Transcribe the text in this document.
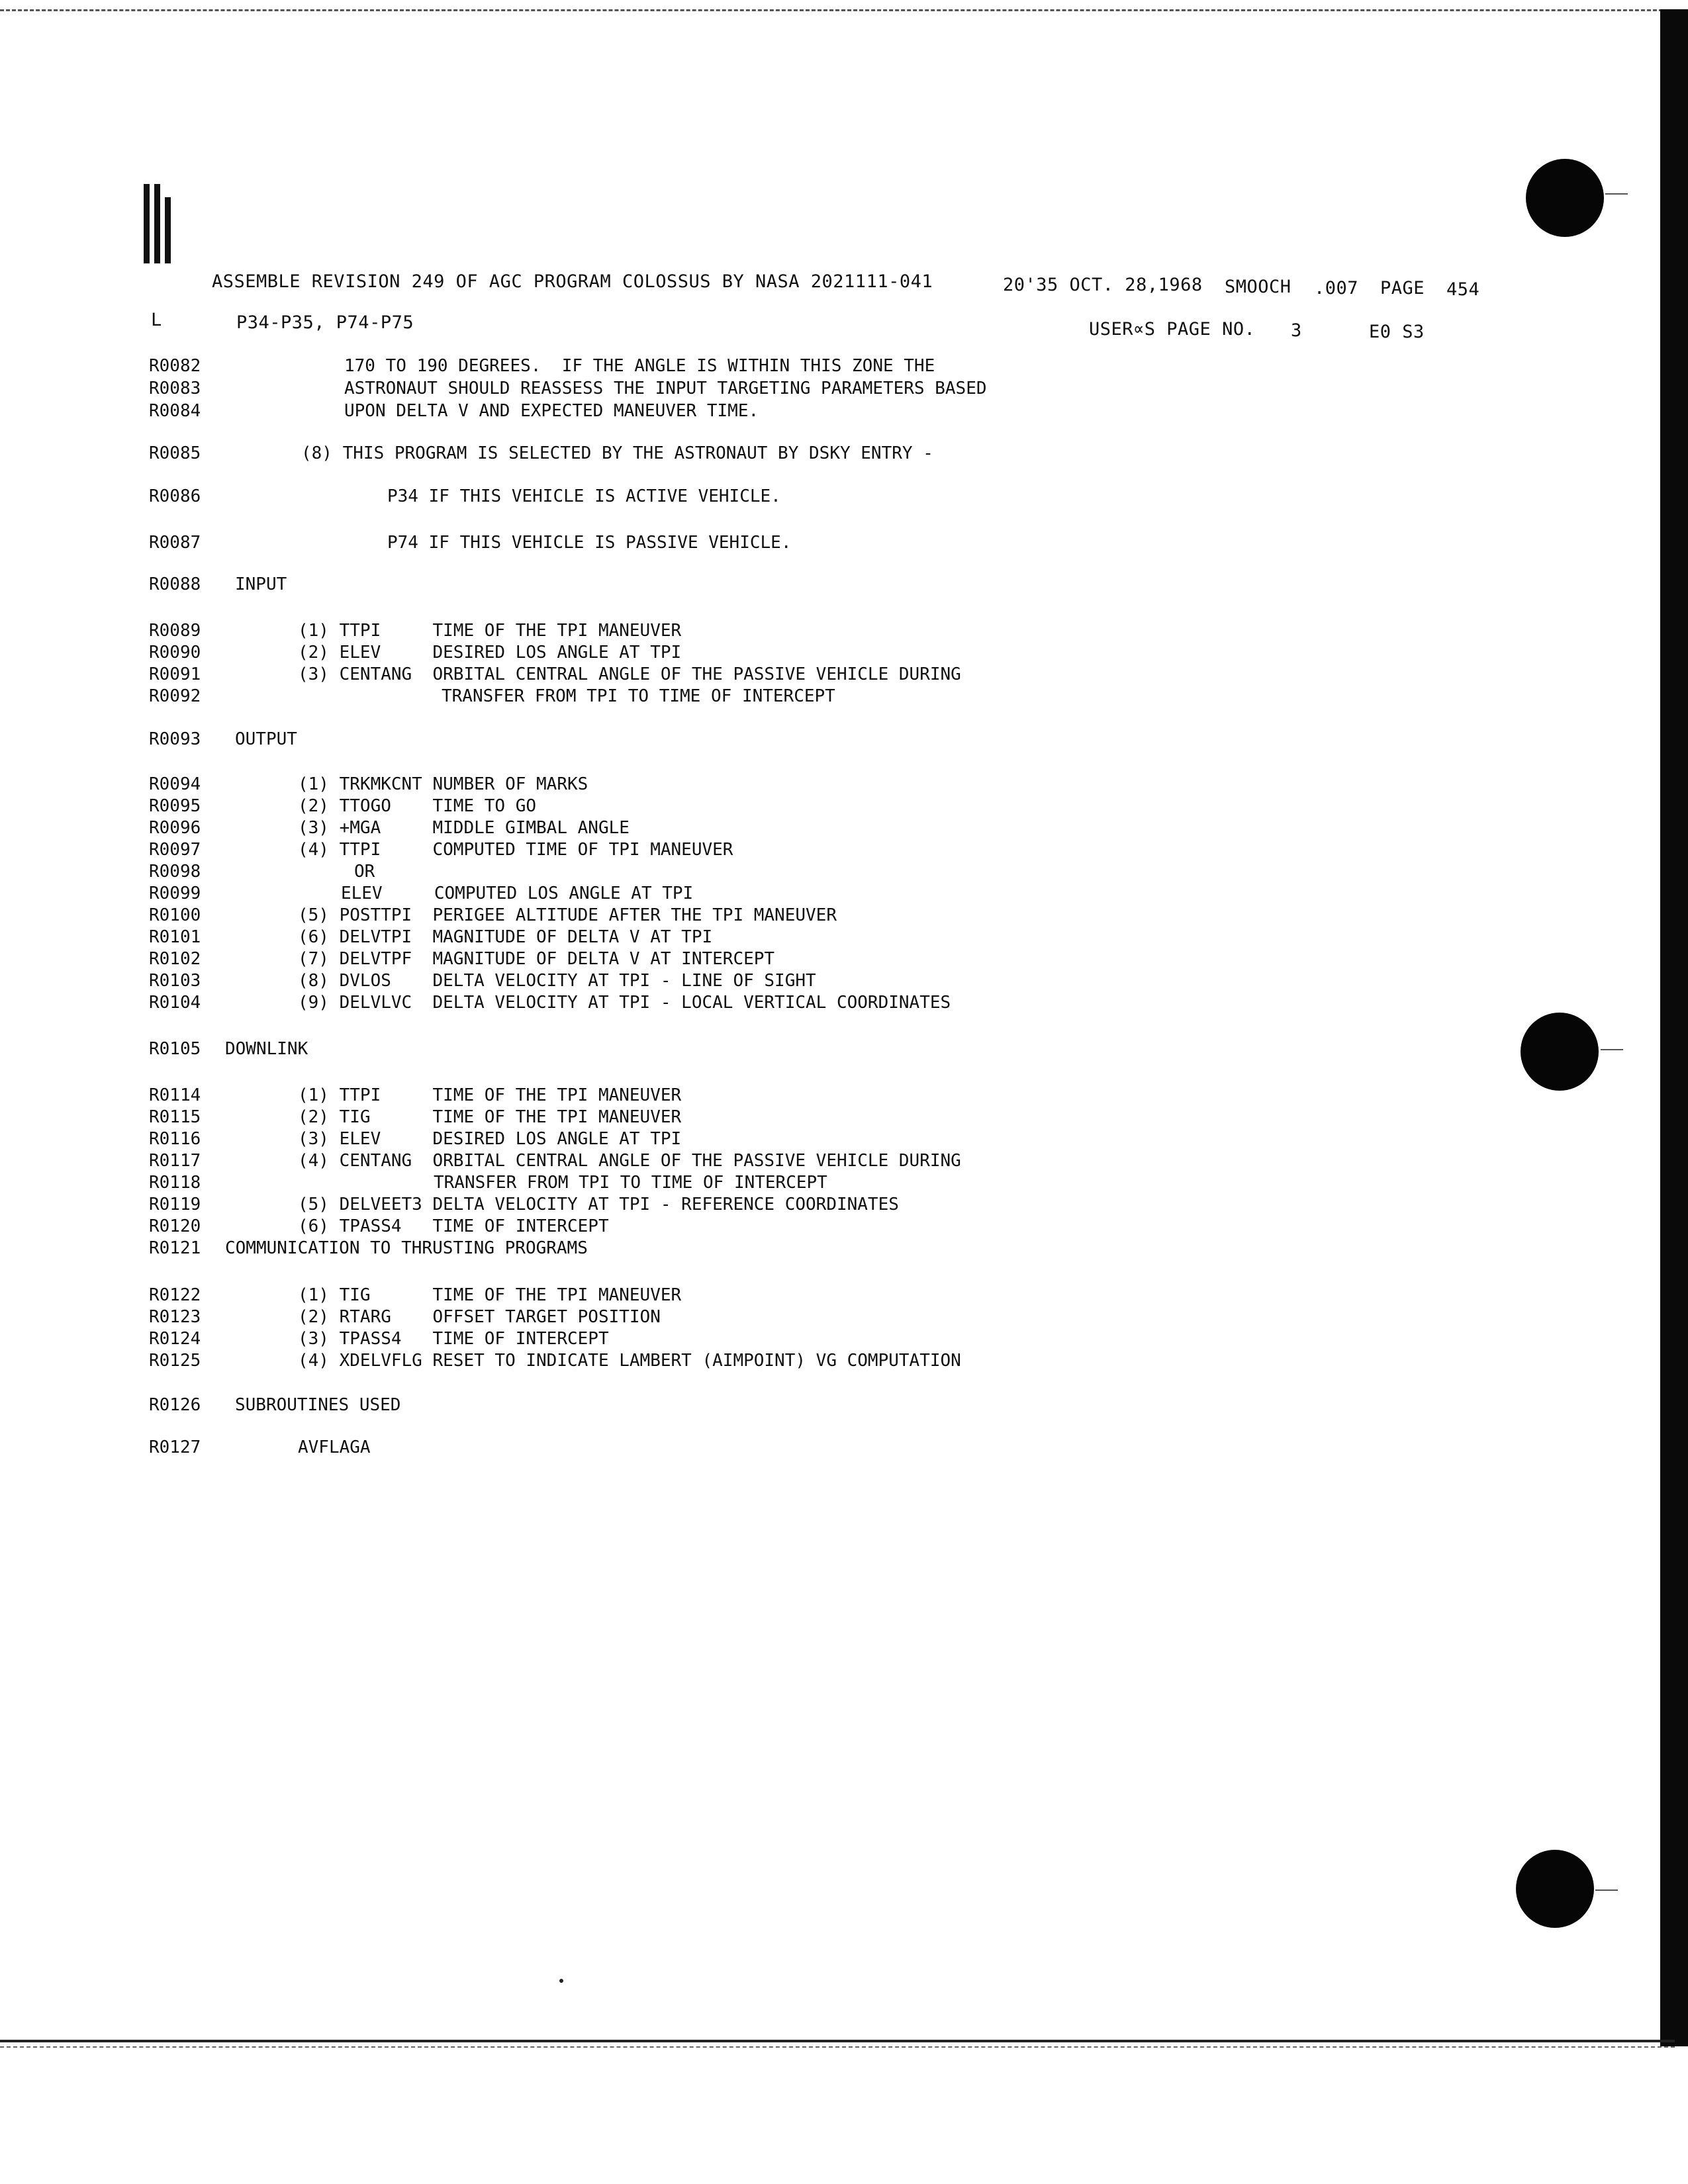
ASSEMBLE REVISION 249 OF AGC PROGRAM COLOSSUS BY NASA 2021111-041	20'35 OCT. 28,1968 SMOOCH .007 PAGE 454
L	P34-P35, P74-P75	USER∝S PAGE NO. 3	E0 S3
R0082	170 TO 190 DEGREES.  IF THE ANGLE IS WITHIN THIS ZONE THE
R0083	ASTRONAUT SHOULD REASSESS THE INPUT TARGETING PARAMETERS BASED
R0084	UPON DELTA V AND EXPECTED MANEUVER TIME.
R0085	(8) THIS PROGRAM IS SELECTED BY THE ASTRONAUT BY DSKY ENTRY -
R0086	P34 IF THIS VEHICLE IS ACTIVE VEHICLE.
R0087	P74 IF THIS VEHICLE IS PASSIVE VEHICLE.
R0088 INPUT
R0089	(1) TTPI     TIME OF THE TPI MANEUVER
R0090	(2) ELEV     DESIRED LOS ANGLE AT TPI
R0091	(3) CENTANG  ORBITAL CENTRAL ANGLE OF THE PASSIVE VEHICLE DURING
R0092	TRANSFER FROM TPI TO TIME OF INTERCEPT
R0093 OUTPUT
R0094	(1) TRKMKCNT NUMBER OF MARKS
R0095	(2) TTOGO    TIME TO GO
R0096	(3) +MGA     MIDDLE GIMBAL ANGLE
R0097	(4) TTPI     COMPUTED TIME OF TPI MANEUVER
R0098	OR
R0099	ELEV     COMPUTED LOS ANGLE AT TPI
R0100	(5) POSTTPI  PERIGEE ALTITUDE AFTER THE TPI MANEUVER
R0101	(6) DELVTPI  MAGNITUDE OF DELTA V AT TPI
R0102	(7) DELVTPF  MAGNITUDE OF DELTA V AT INTERCEPT
R0103	(8) DVLOS    DELTA VELOCITY AT TPI - LINE OF SIGHT
R0104	(9) DELVLVC  DELTA VELOCITY AT TPI - LOCAL VERTICAL COORDINATES
R0105 DOWNLINK
R0114	(1) TTPI     TIME OF THE TPI MANEUVER
R0115	(2) TIG      TIME OF THE TPI MANEUVER
R0116	(3) ELEV     DESIRED LOS ANGLE AT TPI
R0117	(4) CENTANG  ORBITAL CENTRAL ANGLE OF THE PASSIVE VEHICLE DURING
R0118	TRANSFER FROM TPI TO TIME OF INTERCEPT
R0119	(5) DELVEET3 DELTA VELOCITY AT TPI - REFERENCE COORDINATES
R0120	(6) TPASS4   TIME OF INTERCEPT
R0121 COMMUNICATION TO THRUSTING PROGRAMS
R0122	(1) TIG      TIME OF THE TPI MANEUVER
R0123	(2) RTARG    OFFSET TARGET POSITION
R0124	(3) TPASS4   TIME OF INTERCEPT
R0125	(4) XDELVFLG RESET TO INDICATE LAMBERT (AIMPOINT) VG COMPUTATION
R0126 SUBROUTINES USED
R0127	AVFLAGA
